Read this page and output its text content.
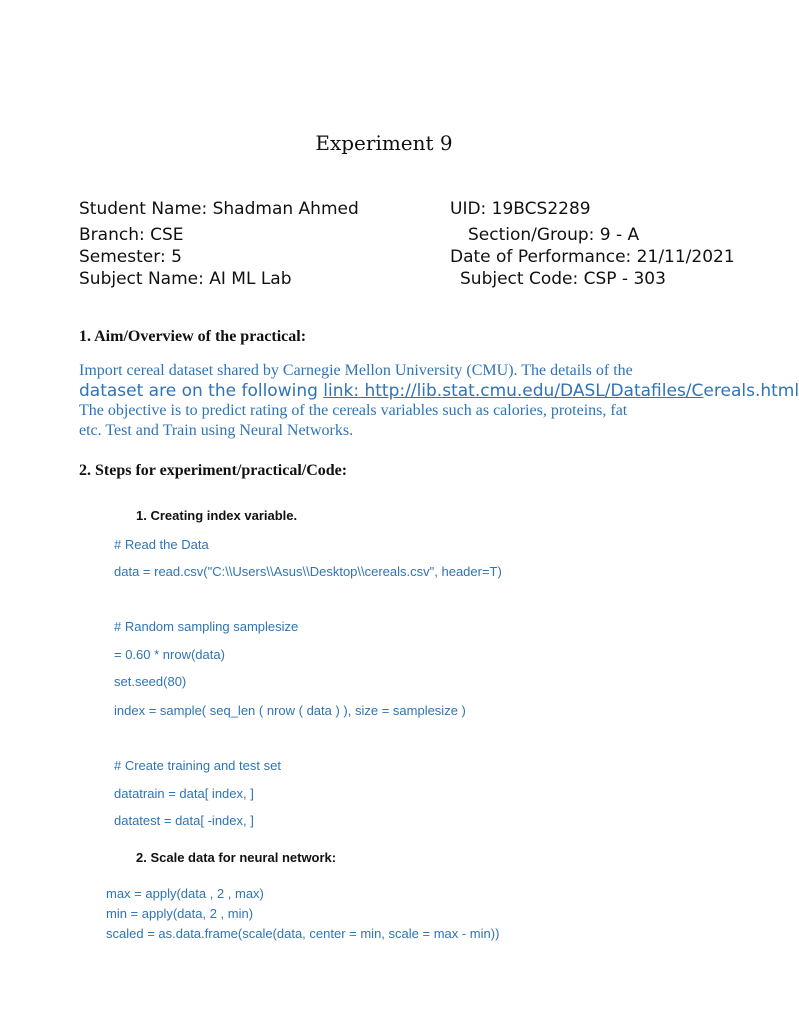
Experiment 9
Student Name: Shadman Ahmed	UID: 19BCS2289
Branch: CSE	Section/Group: 9 - A
Semester: 5	Date of Performance: 21/11/2021
Subject Name: AI ML Lab	Subject Code: CSP - 303
1. Aim/Overview of the practical:
Import cereal dataset shared by Carnegie Mellon University (CMU). The details of the
dataset are on the following link: http://lib.stat.cmu.edu/DASL/Datafiles/Cereals.html
The objective is to predict rating of the cereals variables such as calories, proteins, fat
etc. Test and Train using Neural Networks.
2. Steps for experiment/practical/Code:
1. Creating index variable.
# Read the Data
data = read.csv("C:\\Users\\Asus\\Desktop\\cereals.csv", header=T)
# Random sampling samplesize
= 0.60 * nrow(data)
set.seed(80)
index = sample( seq_len ( nrow ( data ) ), size = samplesize )
# Create training and test set
datatrain = data[ index, ]
datatest = data[ -index, ]
2. Scale data for neural network:
max = apply(data , 2 , max)
min = apply(data, 2 , min)
scaled = as.data.frame(scale(data, center = min, scale = max - min))
